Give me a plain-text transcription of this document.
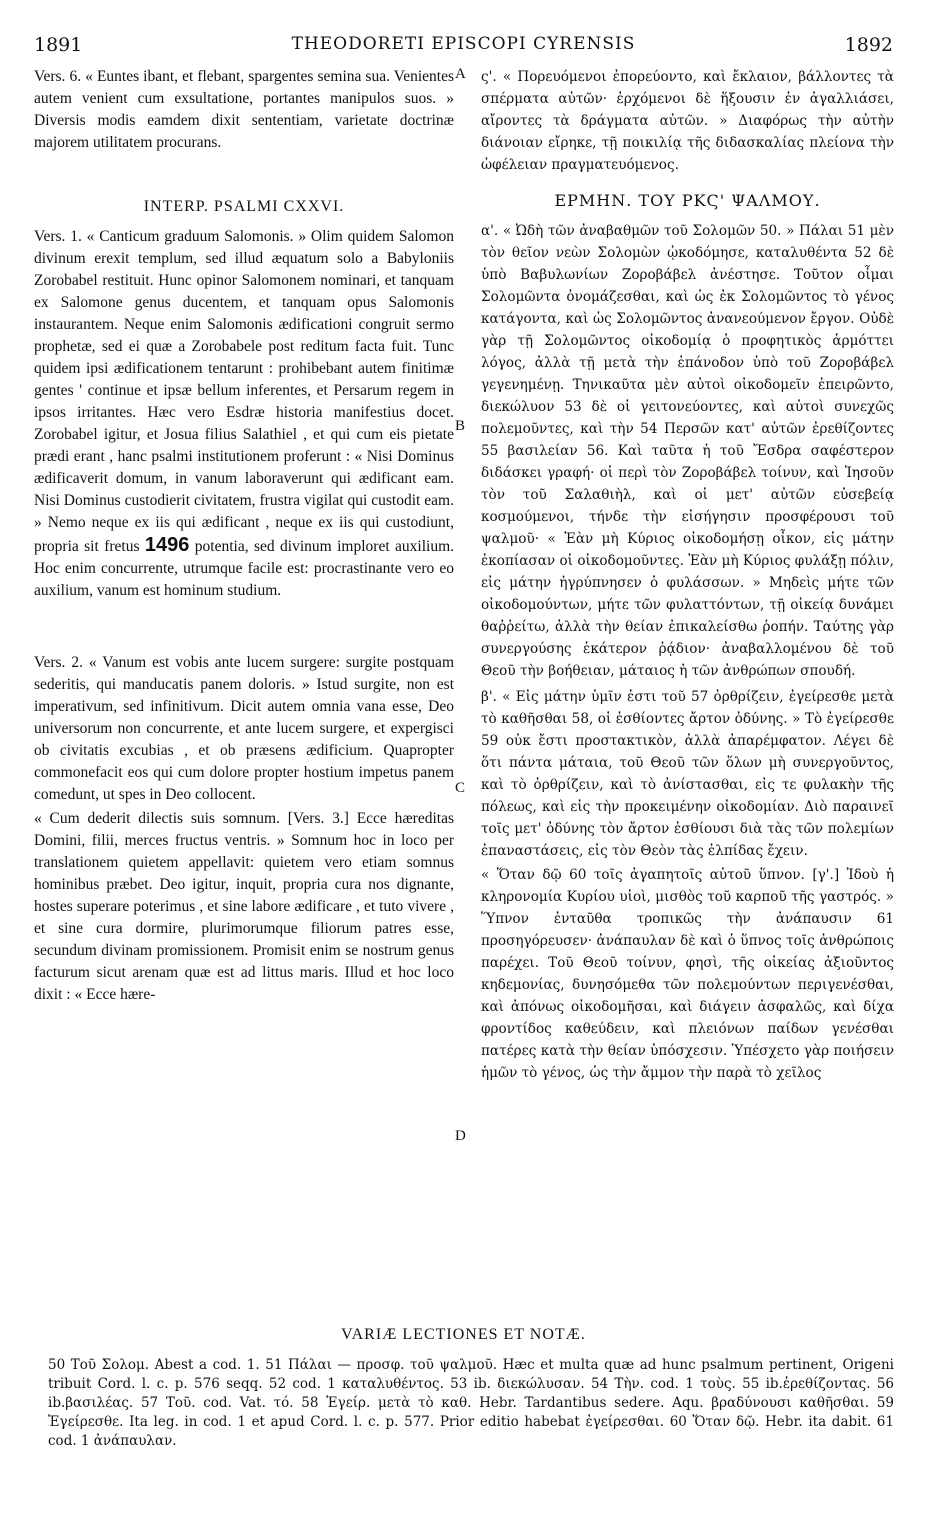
1891	THEODORETI EPISCOPI CYRENSIS	1892
A
B
C
D

Vers. 6. « Euntes ibant, et flebant, spargentes semina sua. Venientes autem venient cum exsultatione, portantes manipulos suos. » Diversis modis eamdem dixit sententiam, varietate doctrinæ majorem utilitatem procurans.

INTERP. PSALMI CXXVI.

Vers. 1. « Canticum graduum Salomonis. » Olim quidem Salomon divinum erexit templum, sed illud æquatum solo a Babyloniis Zorobabel restituit. Hunc opinor Salomonem nominari, et tanquam ex Salomone genus ducentem, et tanquam opus Salomonis instaurantem. Neque enim Salomonis ædificationi congruit sermo prophetæ, sed ei quæ a Zorobabele post reditum facta fuit. Tunc quidem ipsi ædificationem tentarunt : prohibebant autem finitimæ gentes ' continue et ipsæ bellum inferentes, et Persarum regem in ipsos irritantes. Hæc vero Esdræ historia manifestius docet. Zorobabel igitur, et Josua filius Salathiel , et qui cum eis pietate prædi erant , hanc psalmi institutionem proferunt : « Nisi Dominus ædificaverit domum, in vanum laboraverunt qui ædificant eam. Nisi Dominus custodierit civitatem, frustra vigilat qui custodit eam. » Nemo neque ex iis qui ædificant , neque ex iis qui custodiunt, propria sit fretus 1496 potentia, sed divinum imploret auxilium. Hoc enim concurrente, utrumque facile est: procrastinante vero eo auxilium, vanum est hominum studium.

Vers. 2. « Vanum est vobis ante lucem surgere: surgite postquam sederitis, qui manducatis panem doloris. » Istud surgite, non est imperativum, sed infinitivum. Dicit autem omnia vana esse, Deo universorum non concurrente, et ante lucem surgere, et expergisci ob civitatis excubias , et ob præsens ædificium. Quapropter commonefacit eos qui cum dolore propter hostium impetus panem comedunt, ut spes in Deo collocent.

« Cum dederit dilectis suis somnum. [Vers. 3.] Ecce hæreditas Domini, filii, merces fructus ventris. » Somnum hoc in loco per translationem quietem appellavit: quietem vero etiam somnus hominibus præbet. Deo igitur, inquit, propria cura nos dignante, hostes superare poterimus , et sine labore ædificare , et tuto vivere , et sine cura dormire, plurimorumque filiorum patres esse, secundum divinam promissionem. Promisit enim se nostrum genus facturum sicut arenam quæ est ad littus maris. Illud et hoc loco dixit : « Ecce hære-

ς'. « Πορευόμενοι ἐπορεύοντο, καὶ ἔκλαιον, βάλλοντες τὰ σπέρματα αὐτῶν· ἐρχόμενοι δὲ ἥξουσιν ἐν ἀγαλλιάσει, αἴροντες τὰ δράγματα αὐτῶν. » Διαφόρως τὴν αὐτὴν διάνοιαν εἴρηκε, τῇ ποικιλίᾳ τῆς διδασκαλίας πλείονα τὴν ὠφέλειαν πραγματευόμενος.

ΕΡΜΗΝ. ΤΟΥ ΡΚϚ' ΨΑΛΜΟΥ.

α'. « Ὠδὴ τῶν ἀναβαθμῶν τοῦ Σολομῶν 50. » Πάλαι 51 μὲν τὸν θεῖον νεὼν Σολομὼν ᾠκοδόμησε, καταλυθέντα 52 δὲ ὑπὸ Βαβυλωνίων Ζοροβάβελ ἀνέστησε. Τοῦτον οἶμαι Σολομῶντα ὀνομάζεσθαι, καὶ ὡς ἐκ Σολομῶντος τὸ γένος κατάγοντα, καὶ ὡς Σολομῶντος ἀνανεούμενον ἔργον. Οὐδὲ γὰρ τῇ Σολομῶντος οἰκοδομίᾳ ὁ προφητικὸς ἁρμόττει λόγος, ἀλλὰ τῇ μετὰ τὴν ἐπάνοδον ὑπὸ τοῦ Ζοροβάβελ γεγενημένῃ. Τηνικαῦτα μὲν αὐτοὶ οἰκοδομεῖν ἐπειρῶντο, διεκώλυον 53 δὲ οἱ γειτονεύοντες, καὶ αὐτοὶ συνεχῶς πολεμοῦντες, καὶ τὴν 54 Περσῶν κατ' αὐτῶν ἐρεθίζοντες 55 βασιλείαν 56. Καὶ ταῦτα ἡ τοῦ Ἔσδρα σαφέστερον διδάσκει γραφή· οἱ περὶ τὸν Ζοροβάβελ τοίνυν, καὶ Ἰησοῦν τὸν τοῦ Σαλαθιὴλ, καὶ οἱ μετ' αὐτῶν εὐσεβείᾳ κοσμούμενοι, τήνδε τὴν εἰσήγησιν προσφέρουσι τοῦ ψαλμοῦ· « Ἐὰν μὴ Κύριος οἰκοδομήσῃ οἶκον, εἰς μάτην ἐκοπίασαν οἱ οἰκοδομοῦντες. Ἐὰν μὴ Κύριος φυλάξῃ πόλιν, εἰς μάτην ἠγρύπνησεν ὁ φυλάσσων. » Μηδεὶς μήτε τῶν οἰκοδομούντων, μήτε τῶν φυλαττόντων, τῇ οἰκείᾳ δυνάμει θαῤῥείτω, ἀλλὰ τὴν θείαν ἐπικαλείσθω ῥοπήν. Ταύτης γὰρ συνεργούσης ἑκάτερον ῥᾴδιον· ἀναβαλλομένου δὲ τοῦ Θεοῦ τὴν βοήθειαν, μάταιος ἡ τῶν ἀνθρώπων σπουδή.

β'. « Εἰς μάτην ὑμῖν ἐστι τοῦ 57 ὀρθρίζειν, ἐγείρεσθε μετὰ τὸ καθῆσθαι 58, οἱ ἐσθίοντες ἄρτον ὀδύνης. » Τὸ ἐγείρεσθε 59 οὐκ ἔστι προστακτικὸν, ἀλλὰ ἀπαρέμφατον. Λέγει δὲ ὅτι πάντα μάταια, τοῦ Θεοῦ τῶν ὅλων μὴ συνεργοῦντος, καὶ τὸ ὀρθρίζειν, καὶ τὸ ἀνίστασθαι, εἰς τε φυλακὴν τῆς πόλεως, καὶ εἰς τὴν προκειμένην οἰκοδομίαν. Διὸ παραινεῖ τοῖς μετ' ὀδύνης τὸν ἄρτον ἐσθίουσι διὰ τὰς τῶν πολεμίων ἐπαναστάσεις, εἰς τὸν Θεὸν τὰς ἐλπίδας ἔχειν.

« Ὅταν δῷ 60 τοῖς ἀγαπητοῖς αὐτοῦ ὕπνον. [γ'.] Ἰδοὺ ἡ κληρονομία Κυρίου υἱοὶ, μισθὸς τοῦ καρποῦ τῆς γαστρός. » Ὕπνον ἐνταῦθα τροπικῶς τὴν ἀνάπαυσιν 61 προσηγόρευσεν· ἀνάπαυλαν δὲ καὶ ὁ ὕπνος τοῖς ἀνθρώποις παρέχει. Τοῦ Θεοῦ τοίνυν, φησὶ, τῆς οἰκείας ἀξιοῦντος κηδεμονίας, δυνησόμεθα τῶν πολεμούντων περιγενέσθαι, καὶ ἀπόνως οἰκοδομῆσαι, καὶ διάγειν ἀσφαλῶς, καὶ δίχα φροντίδος καθεύδειν, καὶ πλειόνων παίδων γενέσθαι πατέρες κατὰ τὴν θείαν ὑπόσχεσιν. Ὑπέσχετο γὰρ ποιήσειν ἡμῶν τὸ γένος, ὡς τὴν ἄμμον τὴν παρὰ τὸ χεῖλος

VARIÆ LECTIONES ET NOTÆ.
50 Τοῦ Σολομ. Abest a cod. 1. 51 Πάλαι — προσφ. τοῦ ψαλμοῦ. Hæc et multa quæ ad hunc psalmum pertinent, Origeni tribuit Cord. l. c. p. 576 seqq. 52 cod. 1 καταλυθέντος. 53 ib. διεκώλυσαν. 54 Τὴν. cod. 1 τοὺς. 55 ib.ἐρεθίζοντας. 56 ib.βασιλέας. 57 Τοῦ. cod. Vat. τό. 58 Ἐγείρ. μετὰ τὸ καθ. Hebr. Tardantibus sedere. Aqu. βραδύνουσι καθῆσθαι. 59 Ἐγείρεσθε. Ita leg. in cod. 1 et apud Cord. l. c. p. 577. Prior editio habebat ἐγείρεσθαι. 60 Ὅταν δῷ. Hebr. ita dabit. 61 cod. 1 ἀνάπαυλαν.
